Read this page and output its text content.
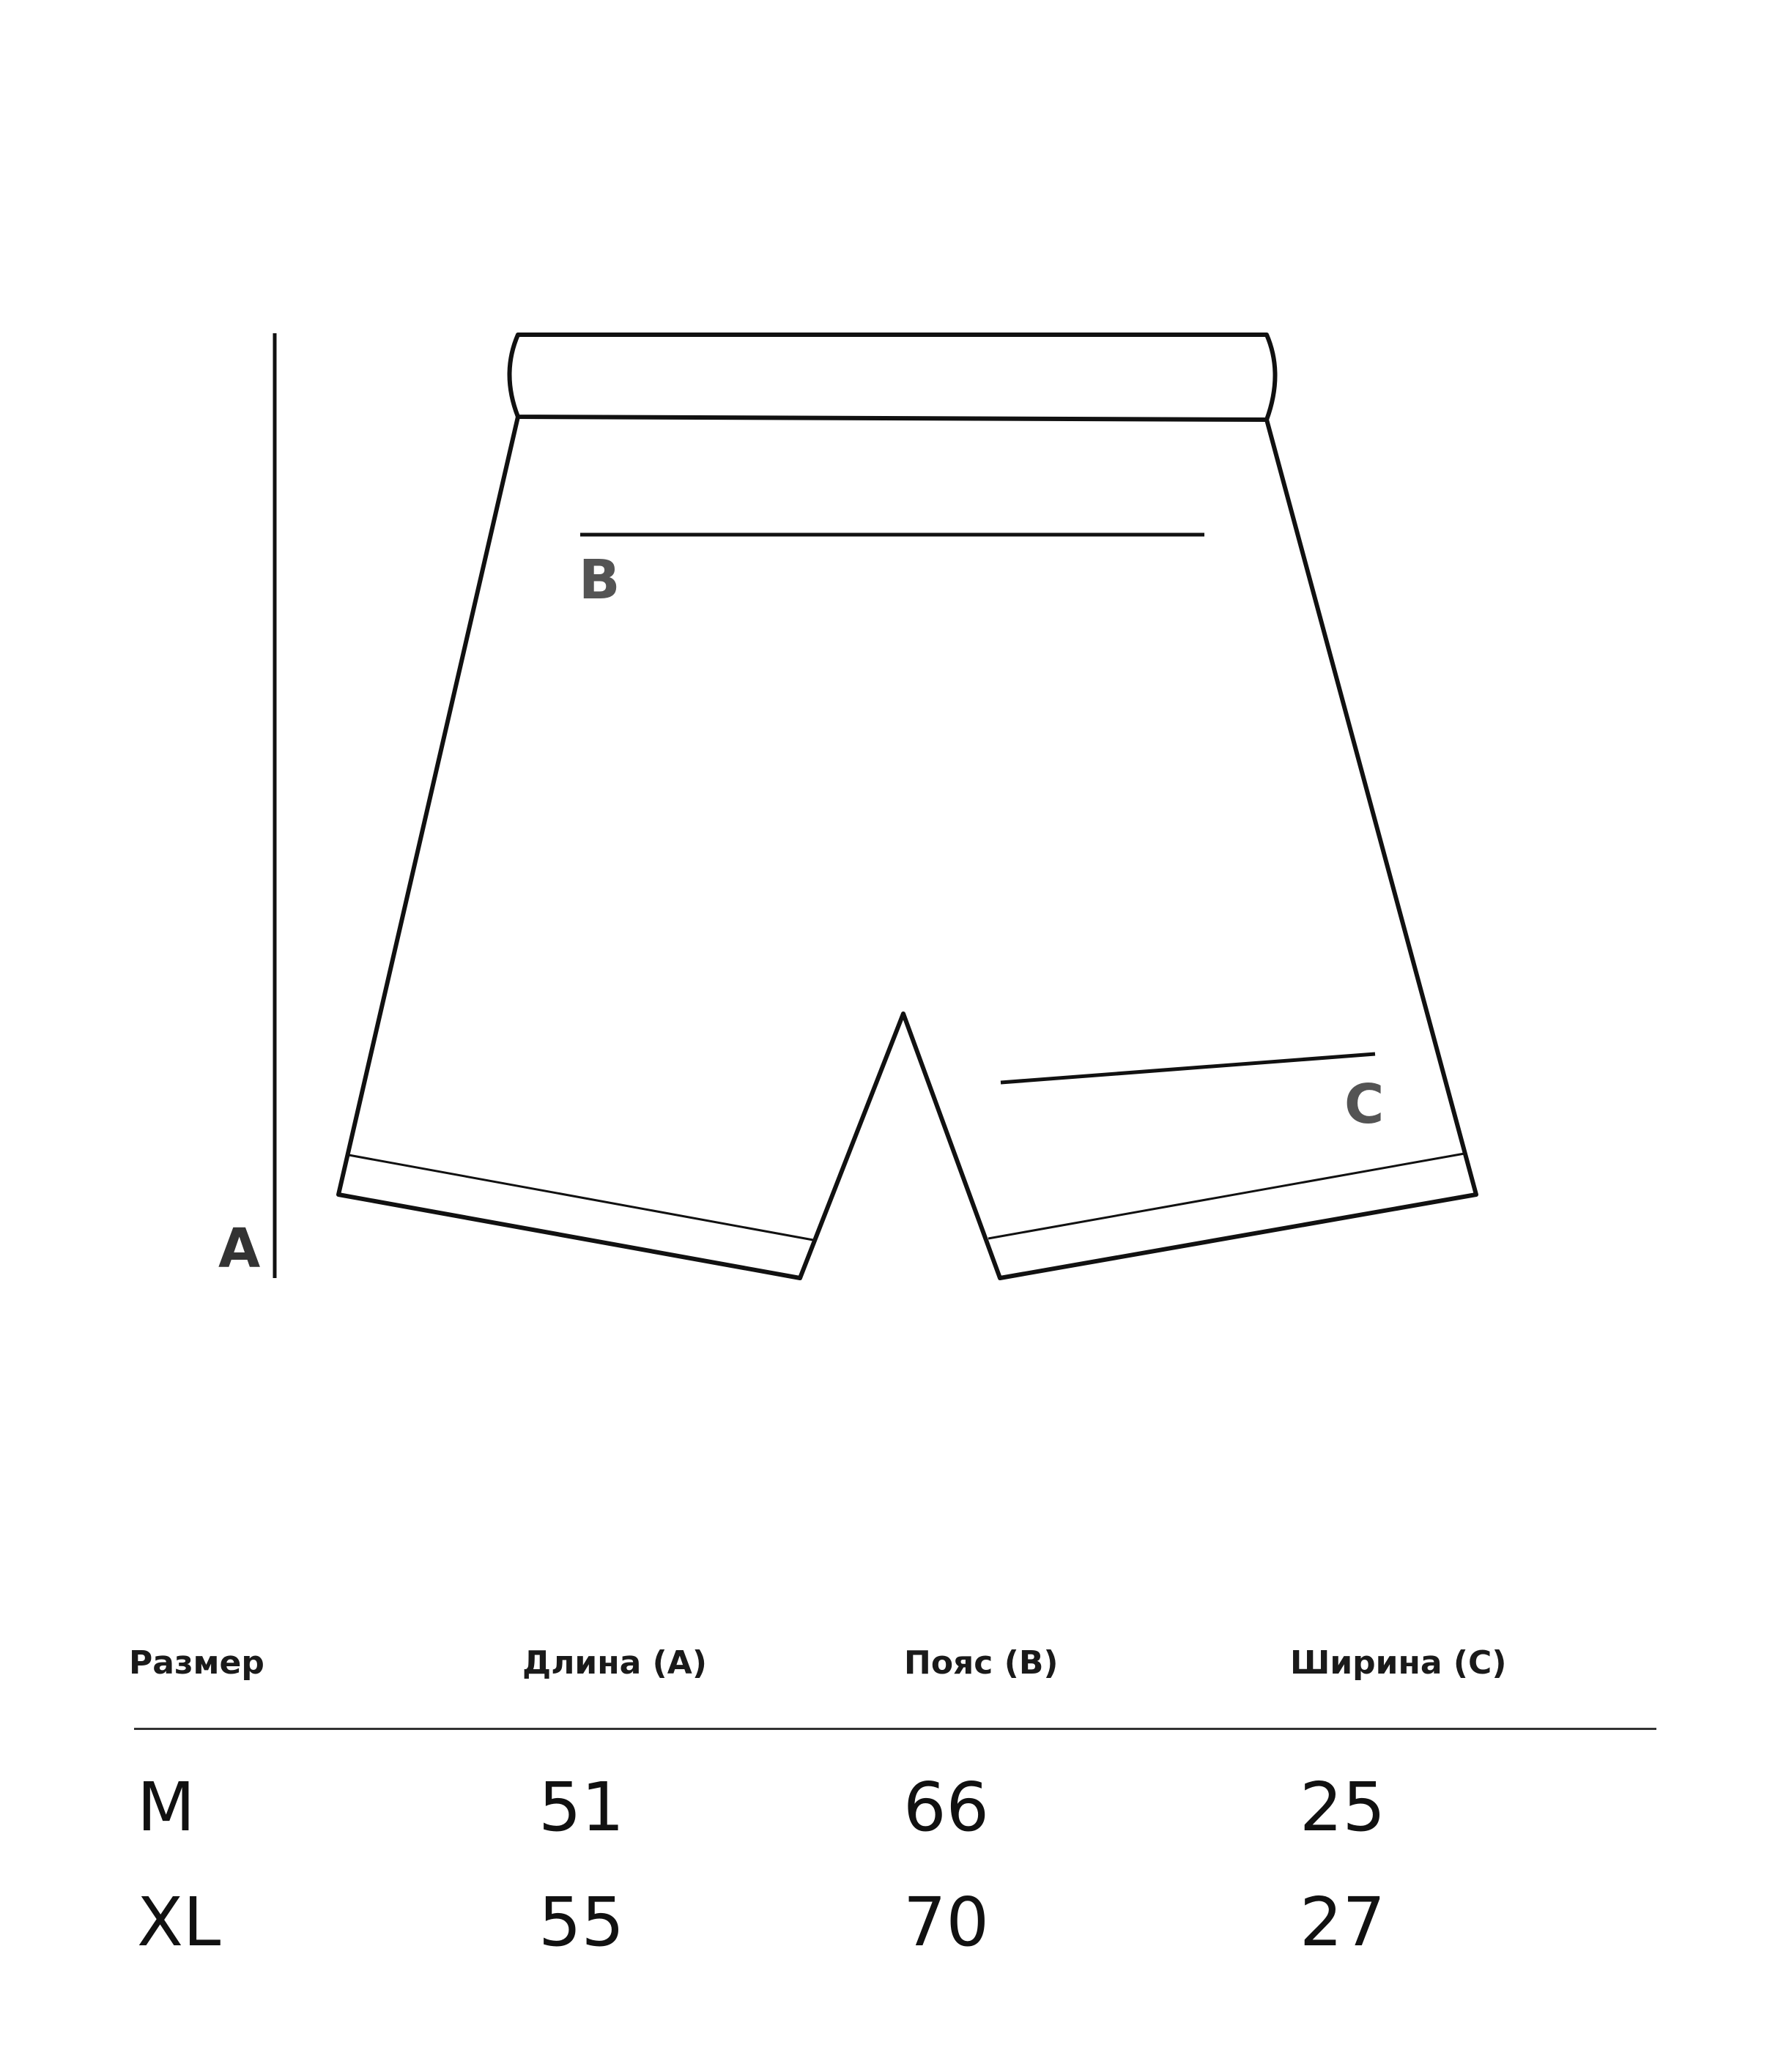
A
B
C
Размер	Длина (A)	Пояс (B)	Ширина (C)
M	51	66	25
XL	55	70	27
